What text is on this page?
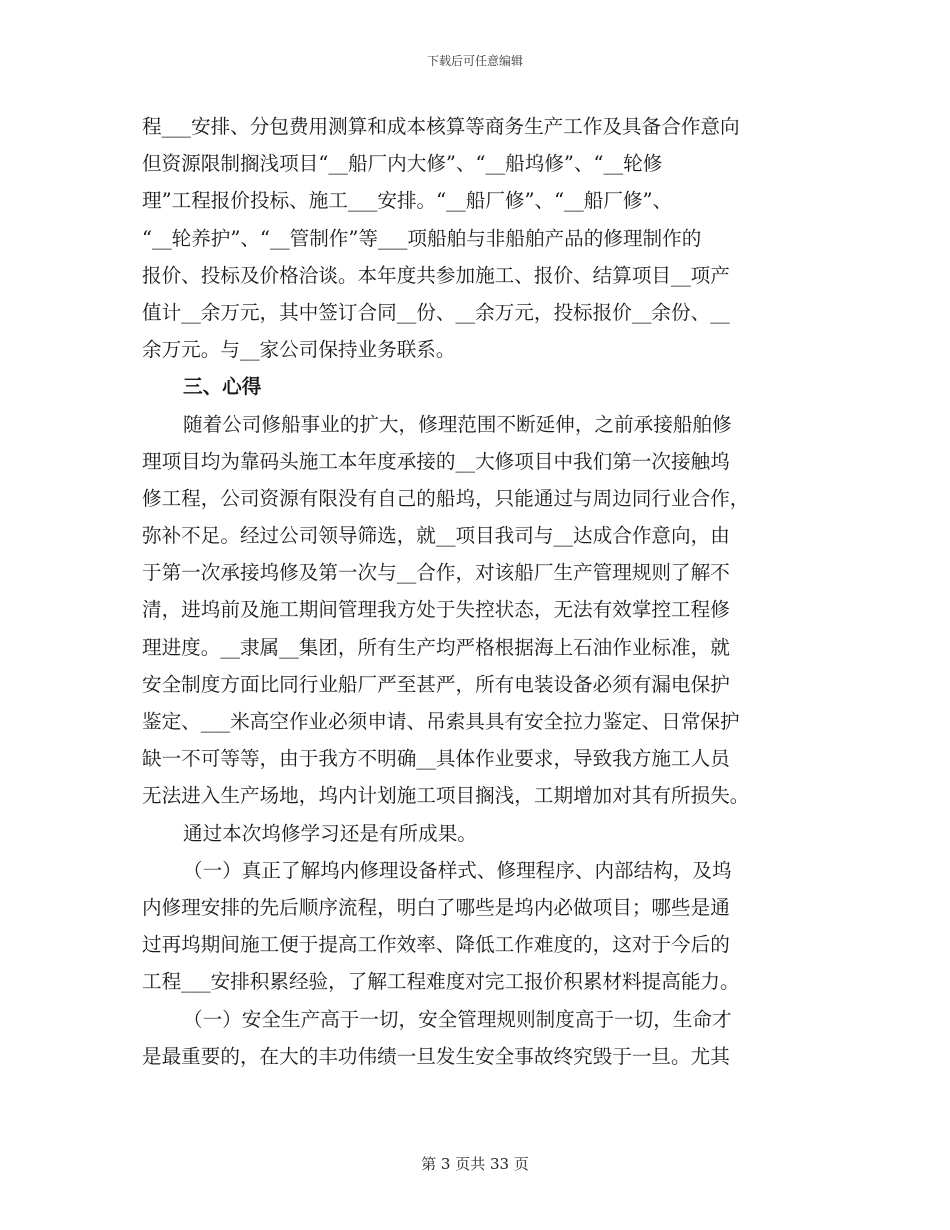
下载后可任意编辑
程___安排、分包费用测算和成本核算等商务生产工作及具备合作意向
但资源限制搁浅项目“__船厂内大修”、“__船坞修”、“__轮修
理”工程报价投标、施工___安排。“__船厂修”、“__船厂修”、
“__轮养护”、“__管制作”等___项船舶与非船舶产品的修理制作的
报价、投标及价格洽谈。本年度共参加施工、报价、结算项目__项产
值计__余万元，其中签订合同__份、__余万元，投标报价__余份、__
余万元。与__家公司保持业务联系。
三、心得
随着公司修船事业的扩大，修理范围不断延伸，之前承接船舶修
理项目均为靠码头施工本年度承接的__大修项目中我们第一次接触坞
修工程，公司资源有限没有自己的船坞，只能通过与周边同行业合作，
弥补不足。经过公司领导筛选，就__项目我司与__达成合作意向，由
于第一次承接坞修及第一次与__合作，对该船厂生产管理规则了解不
清，进坞前及施工期间管理我方处于失控状态，无法有效掌控工程修
理进度。__隶属__集团，所有生产均严格根据海上石油作业标准，就
安全制度方面比同行业船厂严至甚严，所有电装设备必须有漏电保护
鉴定、___米高空作业必须申请、吊索具具有安全拉力鉴定、日常保护
缺一不可等等，由于我方不明确__具体作业要求，导致我方施工人员
无法进入生产场地，坞内计划施工项目搁浅，工期增加对其有所损失。
通过本次坞修学习还是有所成果。
（一）真正了解坞内修理设备样式、修理程序、内部结构，及坞
内修理安排的先后顺序流程，明白了哪些是坞内必做项目；哪些是通
过再坞期间施工便于提高工作效率、降低工作难度的，这对于今后的
工程___安排积累经验，了解工程难度对完工报价积累材料提高能力。
（一）安全生产高于一切，安全管理规则制度高于一切，生命才
是最重要的，在大的丰功伟绩一旦发生安全事故终究毁于一旦。尤其
第 3 页共 33 页
